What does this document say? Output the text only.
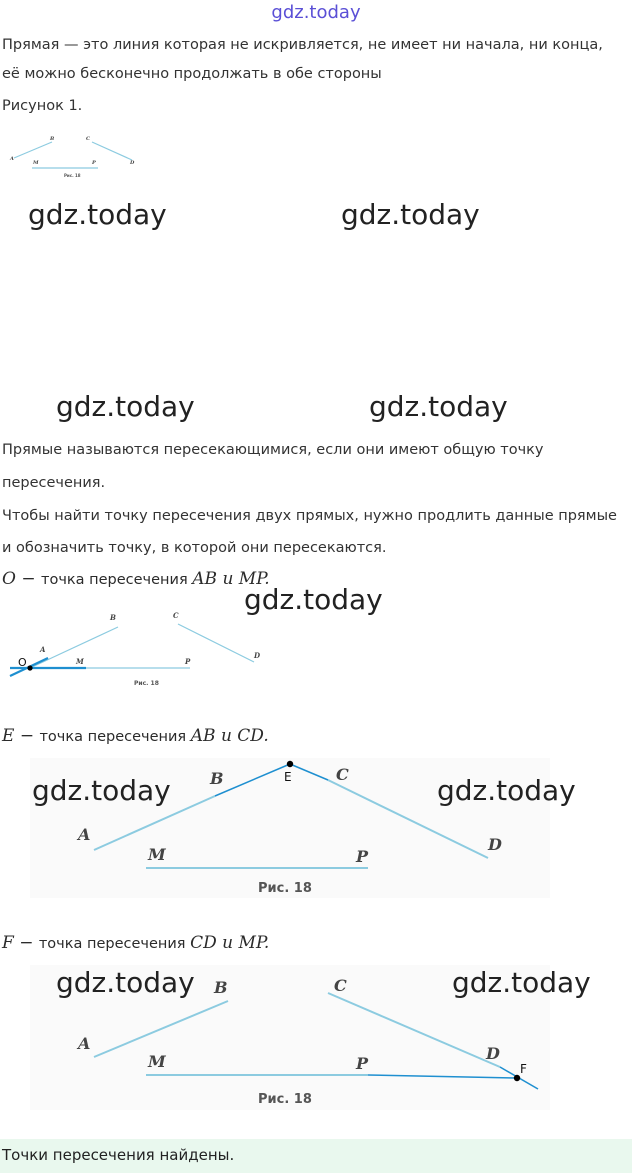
gdz.today
Прямая — это линия которая не искривляется, не имеет ни начала, ни конца,
её можно бесконечно продолжать в обе стороны
Рисунок 1.
A
B	C
D
M	P
Рис. 18
gdz.today	gdz.today
gdz.today	gdz.today
Прямые называются пересекающимися, если они имеют общую точку
пересечения.
Чтобы найти точку пересечения двух прямых, нужно продлить данные прямые
и обозначить точку, в которой они пересекаются.
O − точка пересечения AB и MP.
gdz.today
O
A
B	C
D
M	P
Рис. 18
E − точка пересечения AB и CD.
E
A
B	C
D
M	P
Рис. 18
gdz.today	gdz.today
F − точка пересечения CD и MP.
F
A
B	C
D
M	P
Рис. 18
gdz.today	gdz.today
Точки пересечения найдены.
